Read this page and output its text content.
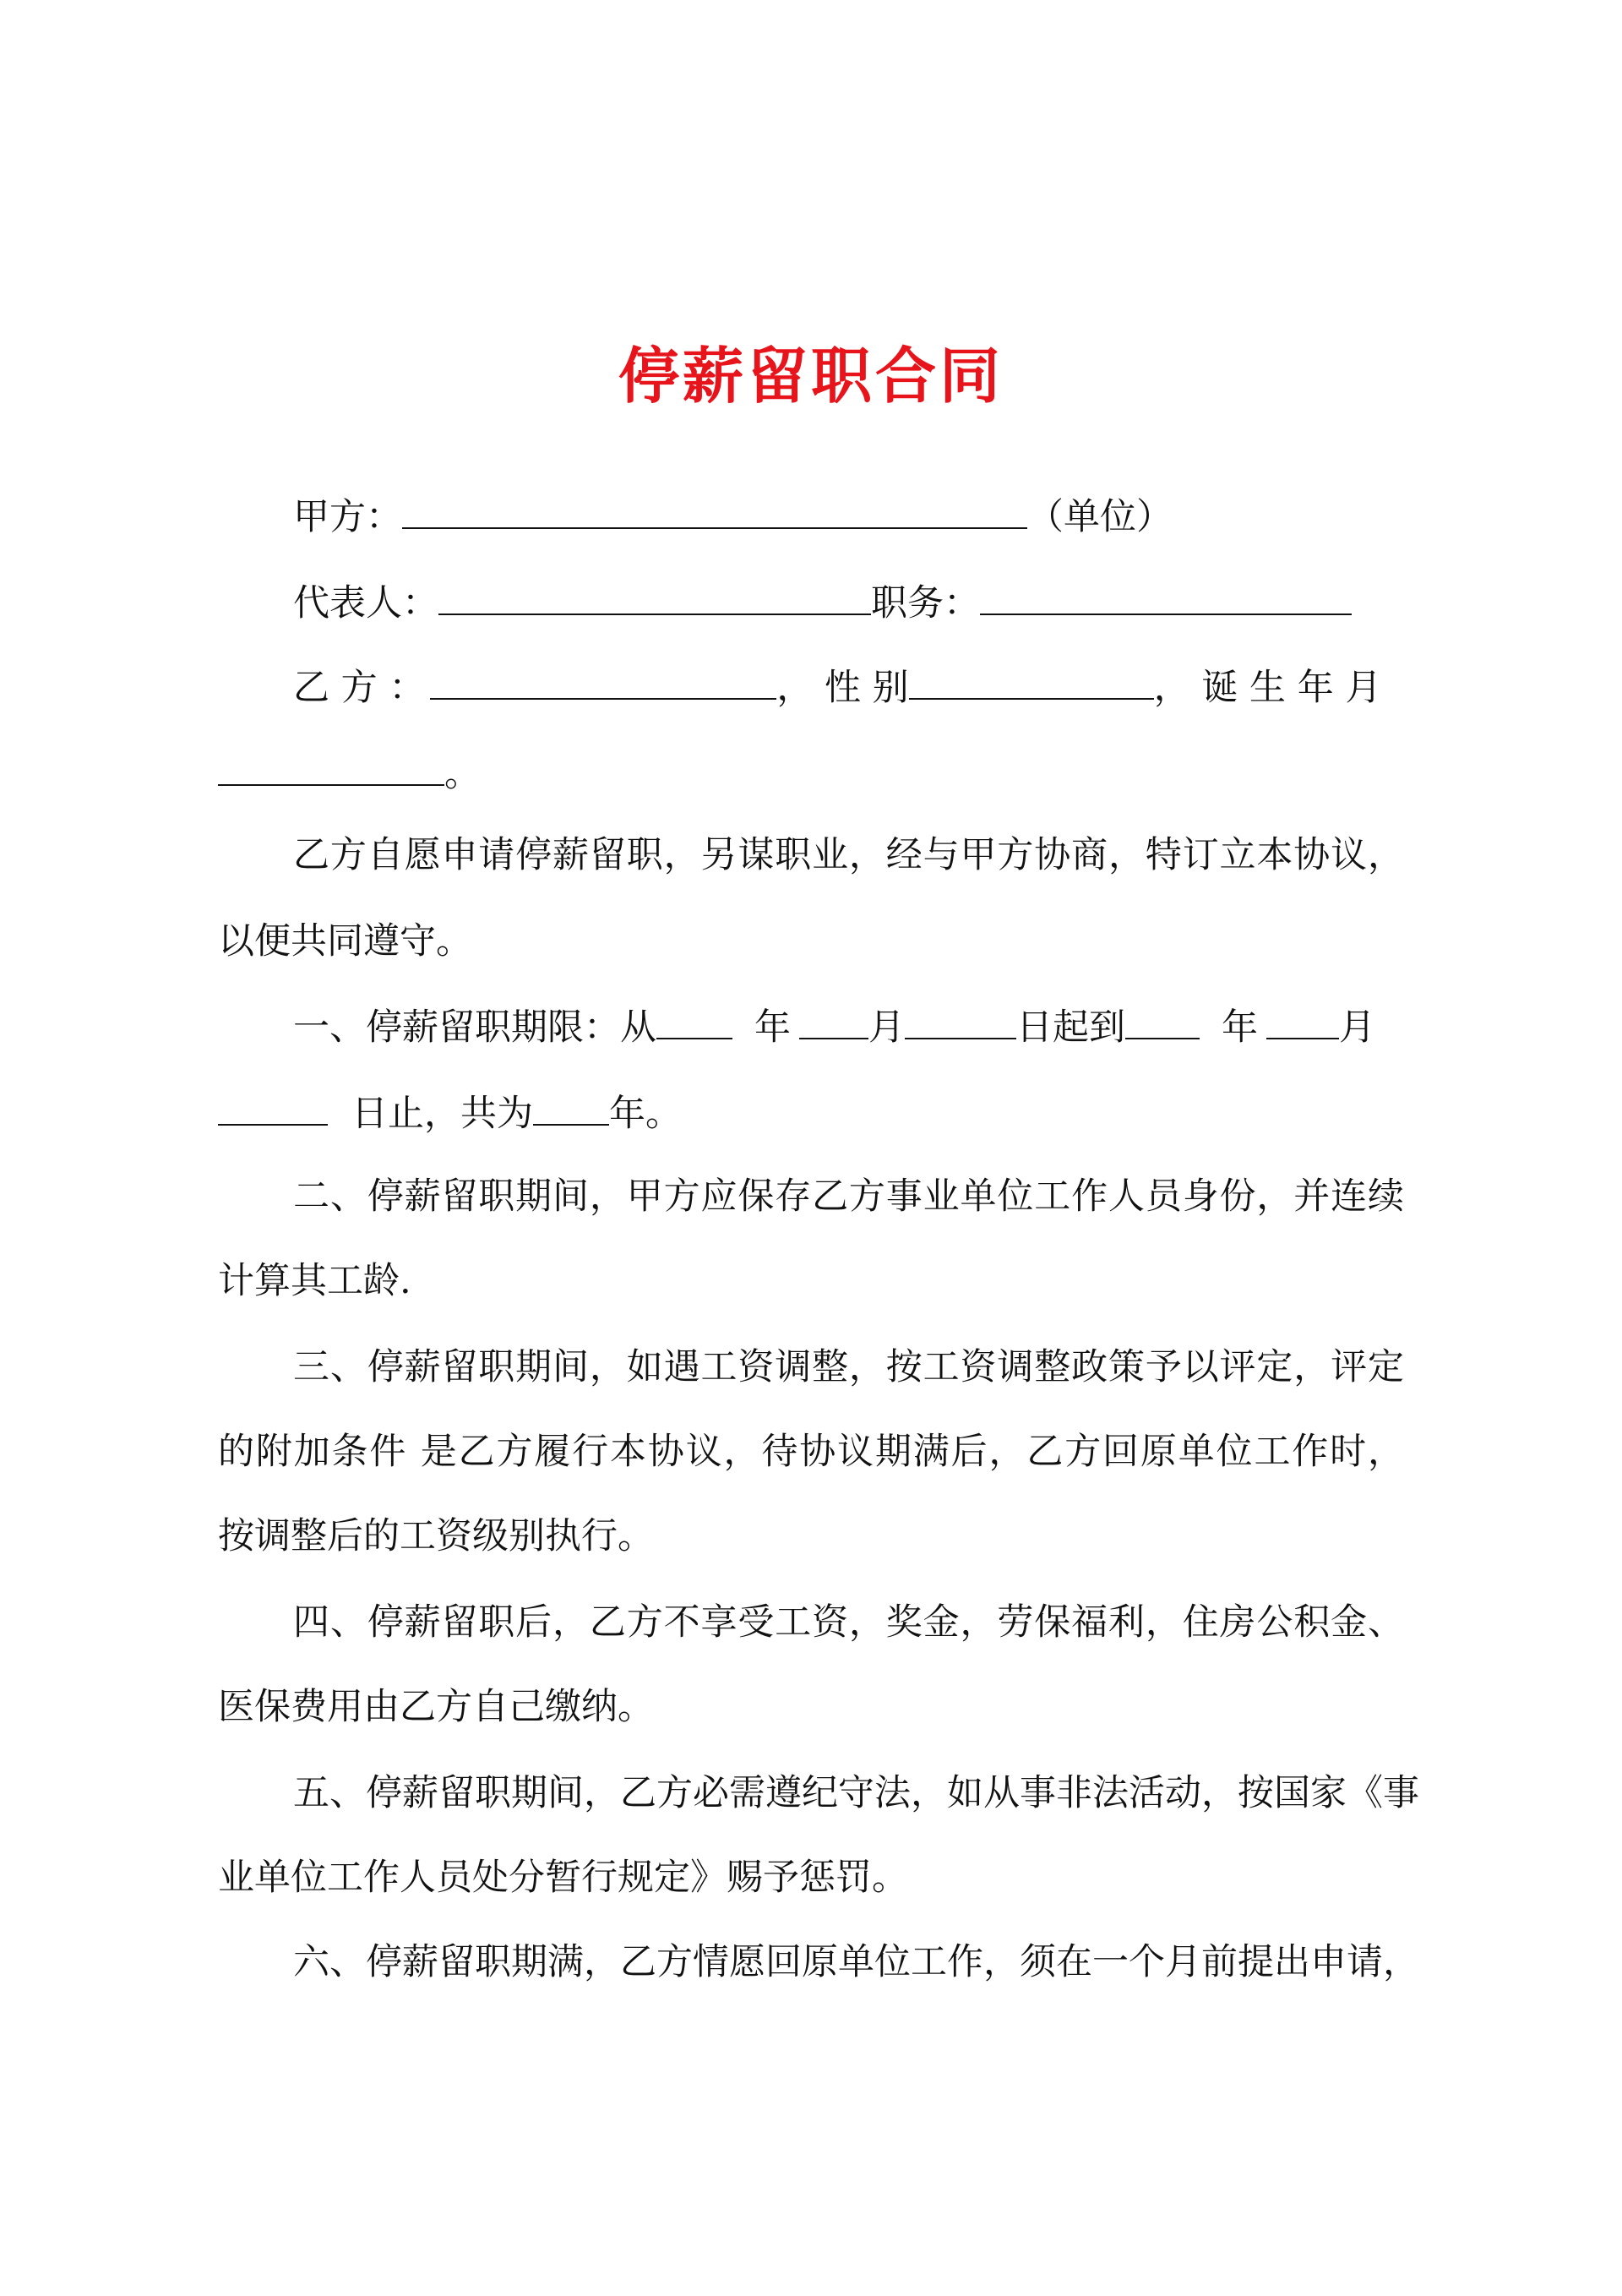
停薪留职合同
甲方：	（单位）
代表人：	职务：
乙 方 ：	， 性 别	， 诞 生 年 月
。
乙方自愿申请停薪留职，另谋职业，经与甲方协商，特订立本协议，
以便共同遵守。
一、停薪留职期限：从	年 月	日起到	年 月
日止，共为 年。
二、停薪留职期间，甲方应保存乙方事业单位工作人员身份，并连续
计算其工龄.
三、停薪留职期间，如遇工资调整，按工资调整政策予以评定，评定
的附加条件 是乙方履行本协议，待协议期满后，乙方回原单位工作时，
按调整后的工资级别执行。
四、停薪留职后，乙方不享受工资，奖金，劳保福利，住房公积金、
医保费用由乙方自己缴纳。
五、停薪留职期间，乙方必需遵纪守法，如从事非法活动，按国家《事
业单位工作人员处分暂行规定》赐予惩罚。
六、停薪留职期满，乙方情愿回原单位工作，须在一个月前提出申请，
